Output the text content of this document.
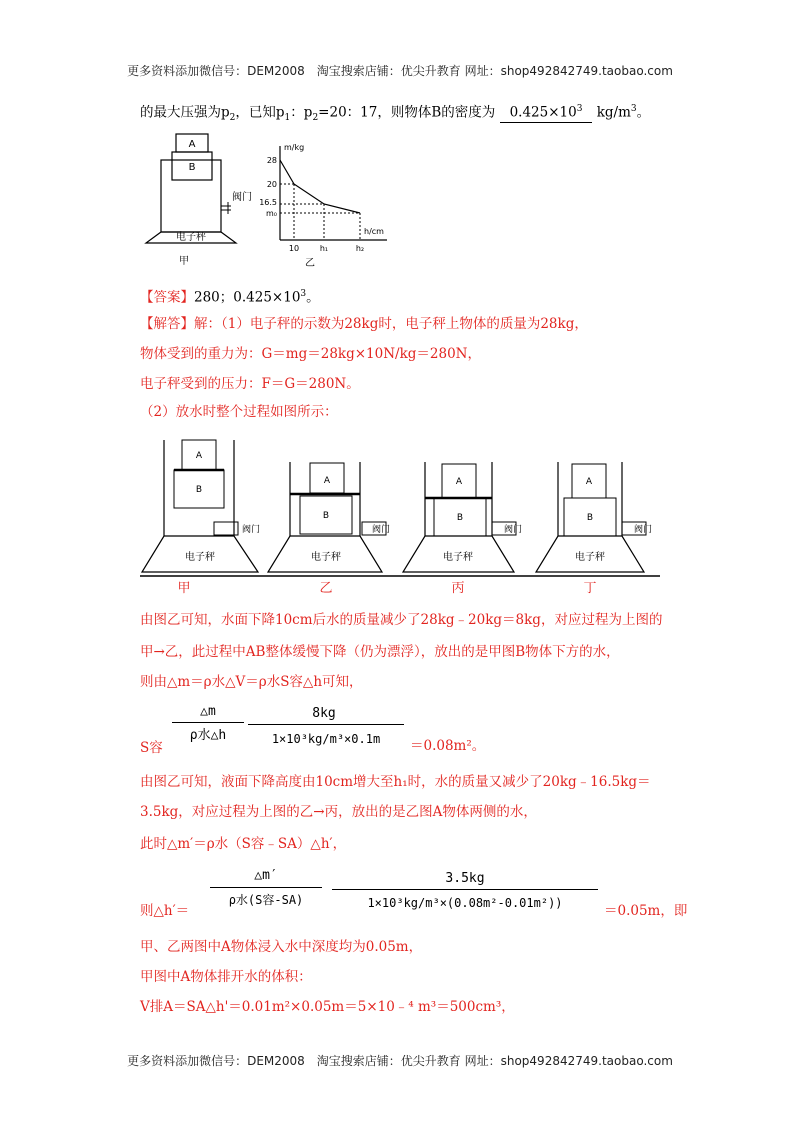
更多资料添加微信号：DEM2008　淘宝搜索店铺：优尖升教育 网址：shop492842749.taobao.com
的最大压强为$p_2$，已知$p_1$：$p_2=20$：17，则物体B的密度为 $0.425\times 10^3$ $kg/m^3$。
A
B
阀门
电子秤
甲
m/kg
h/cm
28
20
16.5
m₀
10	h₁	h₂
乙
【答案】280；$0.425\times 10^3$。
【解答】解：（1）电子秤的示数为28kg时，电子秤上物体的质量为28kg，
物体受到的重力为：G＝mg＝28kg×10N/kg＝280N，
电子秤受到的压力：F＝G＝280N。
（2）放水时整个过程如图所示：
A
B
阀门
电子秤
甲
A
B
阀门
电子秤
乙
A
B
阀门
电子秤
丙
A
B
阀门
电子秤
丁
由图乙可知，水面下降10cm后水的质量减少了28kg﹣20kg＝8kg，对应过程为上图的
甲→乙，此过程中AB整体缓慢下降（仍为漂浮），放出的是甲图B物体下方的水，
则由△m＝ρ水△V＝ρ水S容△h可知，
S容
△m
ρ水△h
8kg
1×10³kg/m³×0.1m	＝0.08m²。
由图乙可知，液面下降高度由10cm增大至h₁时，水的质量又减少了20kg﹣16.5kg＝
3.5kg，对应过程为上图的乙→丙，放出的是乙图A物体两侧的水，
此时△m′＝ρ水（S容﹣SA）△h′，
则△h′＝
△m′
ρ水(S容-SA)
3.5kg
1×10³kg/m³×(0.08m²-0.01m²))	＝0.05m，即
甲、乙两图中A物体浸入水中深度均为0.05m，
甲图中A物体排开水的体积：
V排A＝SA△h'＝0.01m²×0.05m＝5×10﹣⁴ m³＝500cm³，
更多资料添加微信号：DEM2008　淘宝搜索店铺：优尖升教育 网址：shop492842749.taobao.com
